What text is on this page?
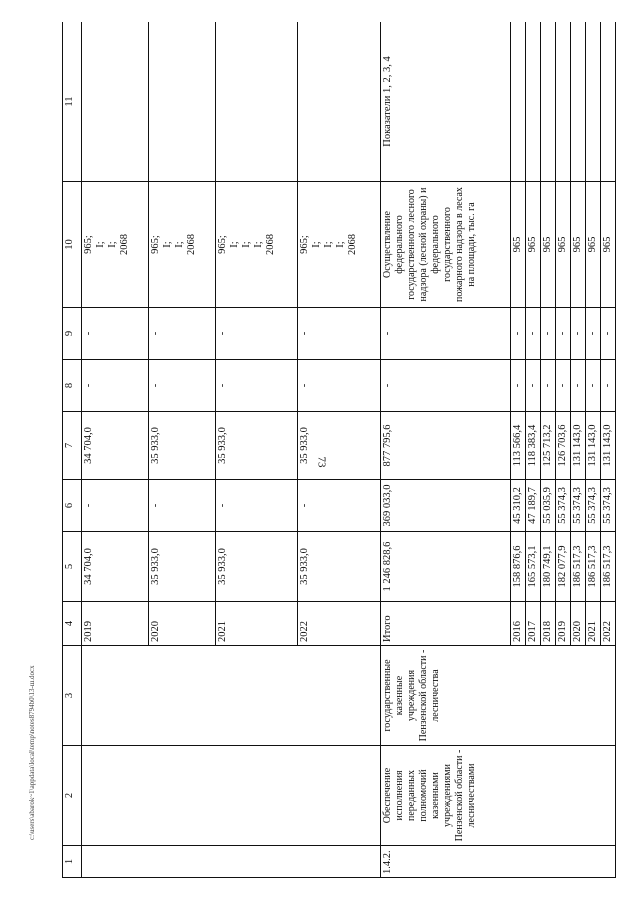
73
c:\users\abarok~1\appdata\local\temp\notes8794b0\13-ш.docx
1	2	3	4	5	6	7	8	9	10	11
			2019	34 704,0	-	34 704,0	-	-	965;
I;
I;
2068	
			2020	35 933,0	-	35 933,0	-	-	965;
I;
I;
2068	
			2021	35 933,0	-	35 933,0	-	-	965;
I;
I;
I;
2068	
			2022	35 933,0	-	35 933,0	-	-	965;
I;
I;
I;
2068	
1.4.2.	Обеспечение исполнения переданных полномочий казенными учреждениями Пензенской области - лесничествами	государственные казенные учреждения Пензенской области - лесничества	Итого	1 246 828,6	369 033,0	877 795,6	-	-	Осуществление федерального государственного лесного надзора (лесной охраны) и федерального государственного пожарного надзора в лесах на площади, тыс. га	Показатели 1, 2, 3, 4
			2016	158 876,6	45 310,2	113 566,4	-	-	965	
			2017	165 573,1	47 189,7	118 383,4	-	-	965	
			2018	180 749,1	55 035,9	125 713,2	-	-	965	
			2019	182 077,9	55 374,3	126 703,6	-	-	965	
			2020	186 517,3	55 374,3	131 143,0	-	-	965	
			2021	186 517,3	55 374,3	131 143,0	-	-	965	
			2022	186 517,3	55 374,3	131 143,0	-	-	965	
